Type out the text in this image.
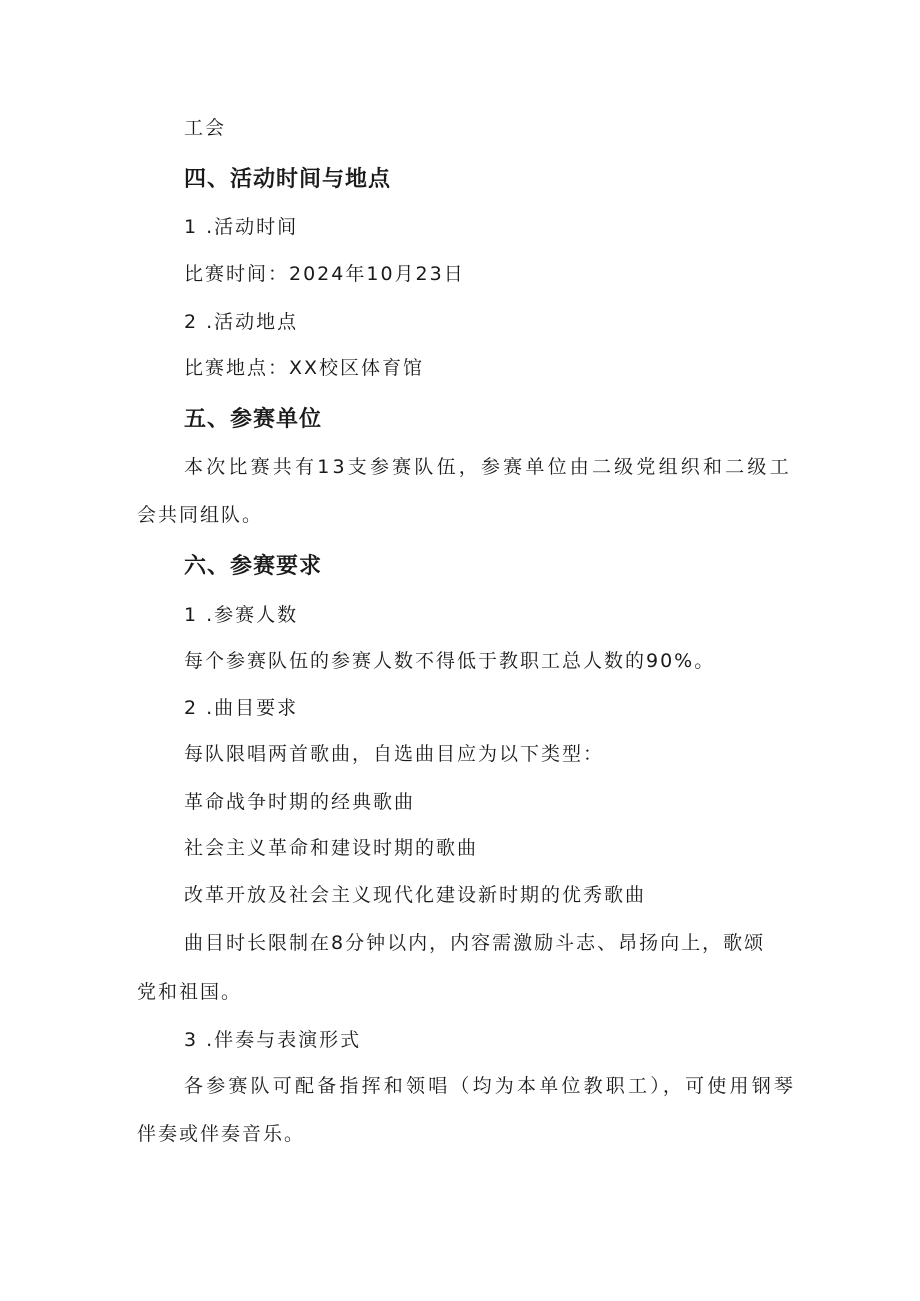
工会
四、活动时间与地点
1 .活动时间
比赛时间：2024年10月23日
2 .活动地点
比赛地点：XX校区体育馆
五、参赛单位
本次比赛共有13支参赛队伍，参赛单位由二级党组织和二级工
会共同组队。
六、参赛要求
1 .参赛人数
每个参赛队伍的参赛人数不得低于教职工总人数的90%。
2 .曲目要求
每队限唱两首歌曲，自选曲目应为以下类型：
革命战争时期的经典歌曲
社会主义革命和建设时期的歌曲
改革开放及社会主义现代化建设新时期的优秀歌曲
曲目时长限制在8分钟以内，内容需激励斗志、昂扬向上，歌颂
党和祖国。
3 .伴奏与表演形式
各参赛队可配备指挥和领唱（均为本单位教职工），可使用钢琴
伴奏或伴奏音乐。
